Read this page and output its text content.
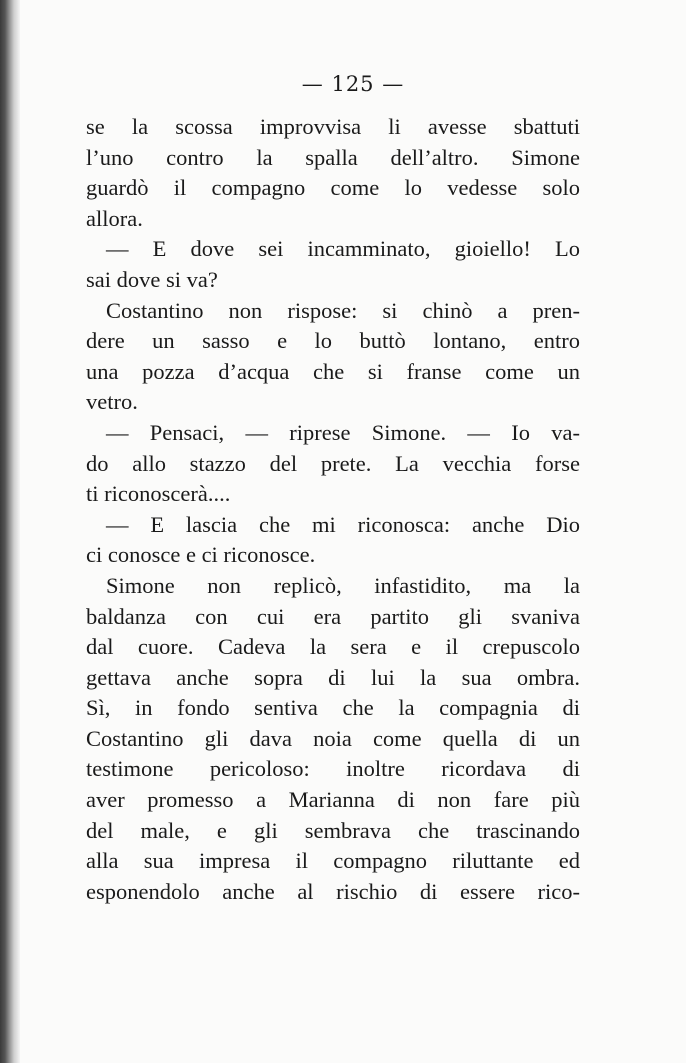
— 125 —
se la scossa improvvisa li avesse sbattuti
l’uno contro la spalla dell’altro. Simone
guardò il compagno come lo vedesse solo
allora.
— E dove sei incamminato, gioiello! Lo
sai dove si va?
Costantino non rispose: si chinò a pren-
dere un sasso e lo buttò lontano, entro
una pozza d’acqua che si franse come un
vetro.
— Pensaci, — riprese Simone. — Io va-
do allo stazzo del prete. La vecchia forse
ti riconoscerà....
— E lascia che mi riconosca: anche Dio
ci conosce e ci riconosce.
Simone non replicò, infastidito, ma la
baldanza con cui era partito gli svaniva
dal cuore. Cadeva la sera e il crepuscolo
gettava anche sopra di lui la sua ombra.
Sì, in fondo sentiva che la compagnia di
Costantino gli dava noia come quella di un
testimone pericoloso: inoltre ricordava di
aver promesso a Marianna di non fare più
del male, e gli sembrava che trascinando
alla sua impresa il compagno riluttante ed
esponendolo anche al rischio di essere rico-
